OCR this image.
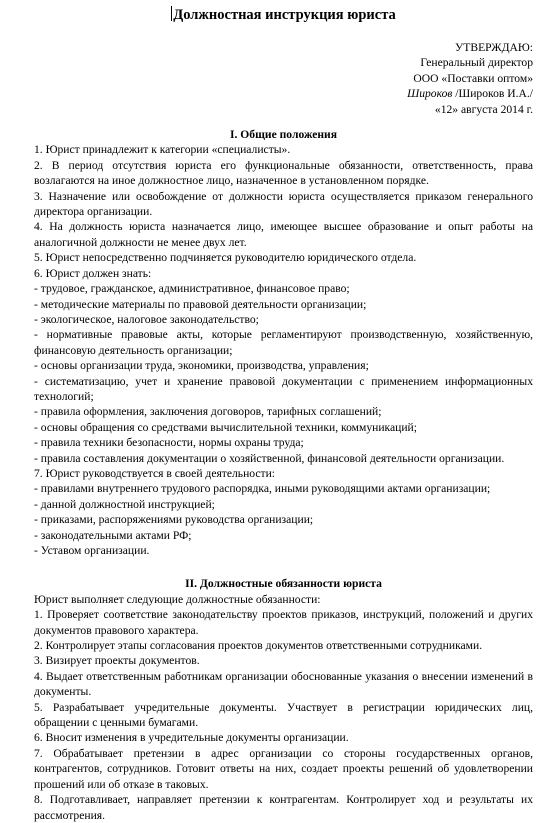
Должностная инструкция юриста
УТВЕРЖДАЮ:
Генеральный директор
ООО «Поставки оптом»
Широков /Широков И.А./
«12» августа 2014 г.
I. Общие положения

1. Юрист принадлежит к категории «специалисты».

2. В период отсутствия юриста его функциональные обязанности, ответственность, права возлагаются на иное должностное лицо, назначенное в установленном порядке.

3. Назначение или освобождение от должности юриста осуществляется приказом генерального директора организации.

4. На должность юриста назначается лицо, имеющее высшее образование и опыт работы на аналогичной должности не менее двух лет.

5. Юрист непосредственно подчиняется руководителю юридического отдела.

6. Юрист должен знать:

- трудовое, гражданское, административное, финансовое право;

- методические материалы по правовой деятельности организации;

- экологическое, налоговое законодательство;

- нормативные правовые акты, которые регламентируют производственную, хозяйственную, финансовую деятельность организации;

- основы организации труда, экономики, производства, управления;

- систематизацию, учет и хранение правовой документации с применением информационных технологий;

- правила оформления, заключения договоров, тарифных соглашений;

- основы обращения со средствами вычислительной техники, коммуникаций;

- правила техники безопасности, нормы охраны труда;

- правила составления документации о хозяйственной, финансовой деятельности организации.

7. Юрист руководствуется в своей деятельности:

- правилами внутреннего трудового распорядка, иными руководящими актами организации;

- данной должностной инструкцией;

- приказами, распоряжениями руководства организации;

- законодательными актами РФ;

- Уставом организации.

II. Должностные обязанности юриста

Юрист выполняет следующие должностные обязанности:

1. Проверяет соответствие законодательству проектов приказов, инструкций, положений и других документов правового характера.

2. Контролирует этапы согласования проектов документов ответственными сотрудниками.

3. Визирует проекты документов.

4. Выдает ответственным работникам организации обоснованные указания о внесении изменений в документы.

5. Разрабатывает учредительные документы. Участвует в регистрации юридических лиц, обращении с ценными бумагами.

6. Вносит изменения в учредительные документы организации.

7. Обрабатывает претензии в адрес организации со стороны государственных органов, контрагентов, сотрудников. Готовит ответы на них, создает проекты решений об удовлетворении прошений или об отказе в таковых.

8. Подготавливает, направляет претензии к контрагентам. Контролирует ход и результаты их рассмотрения.
